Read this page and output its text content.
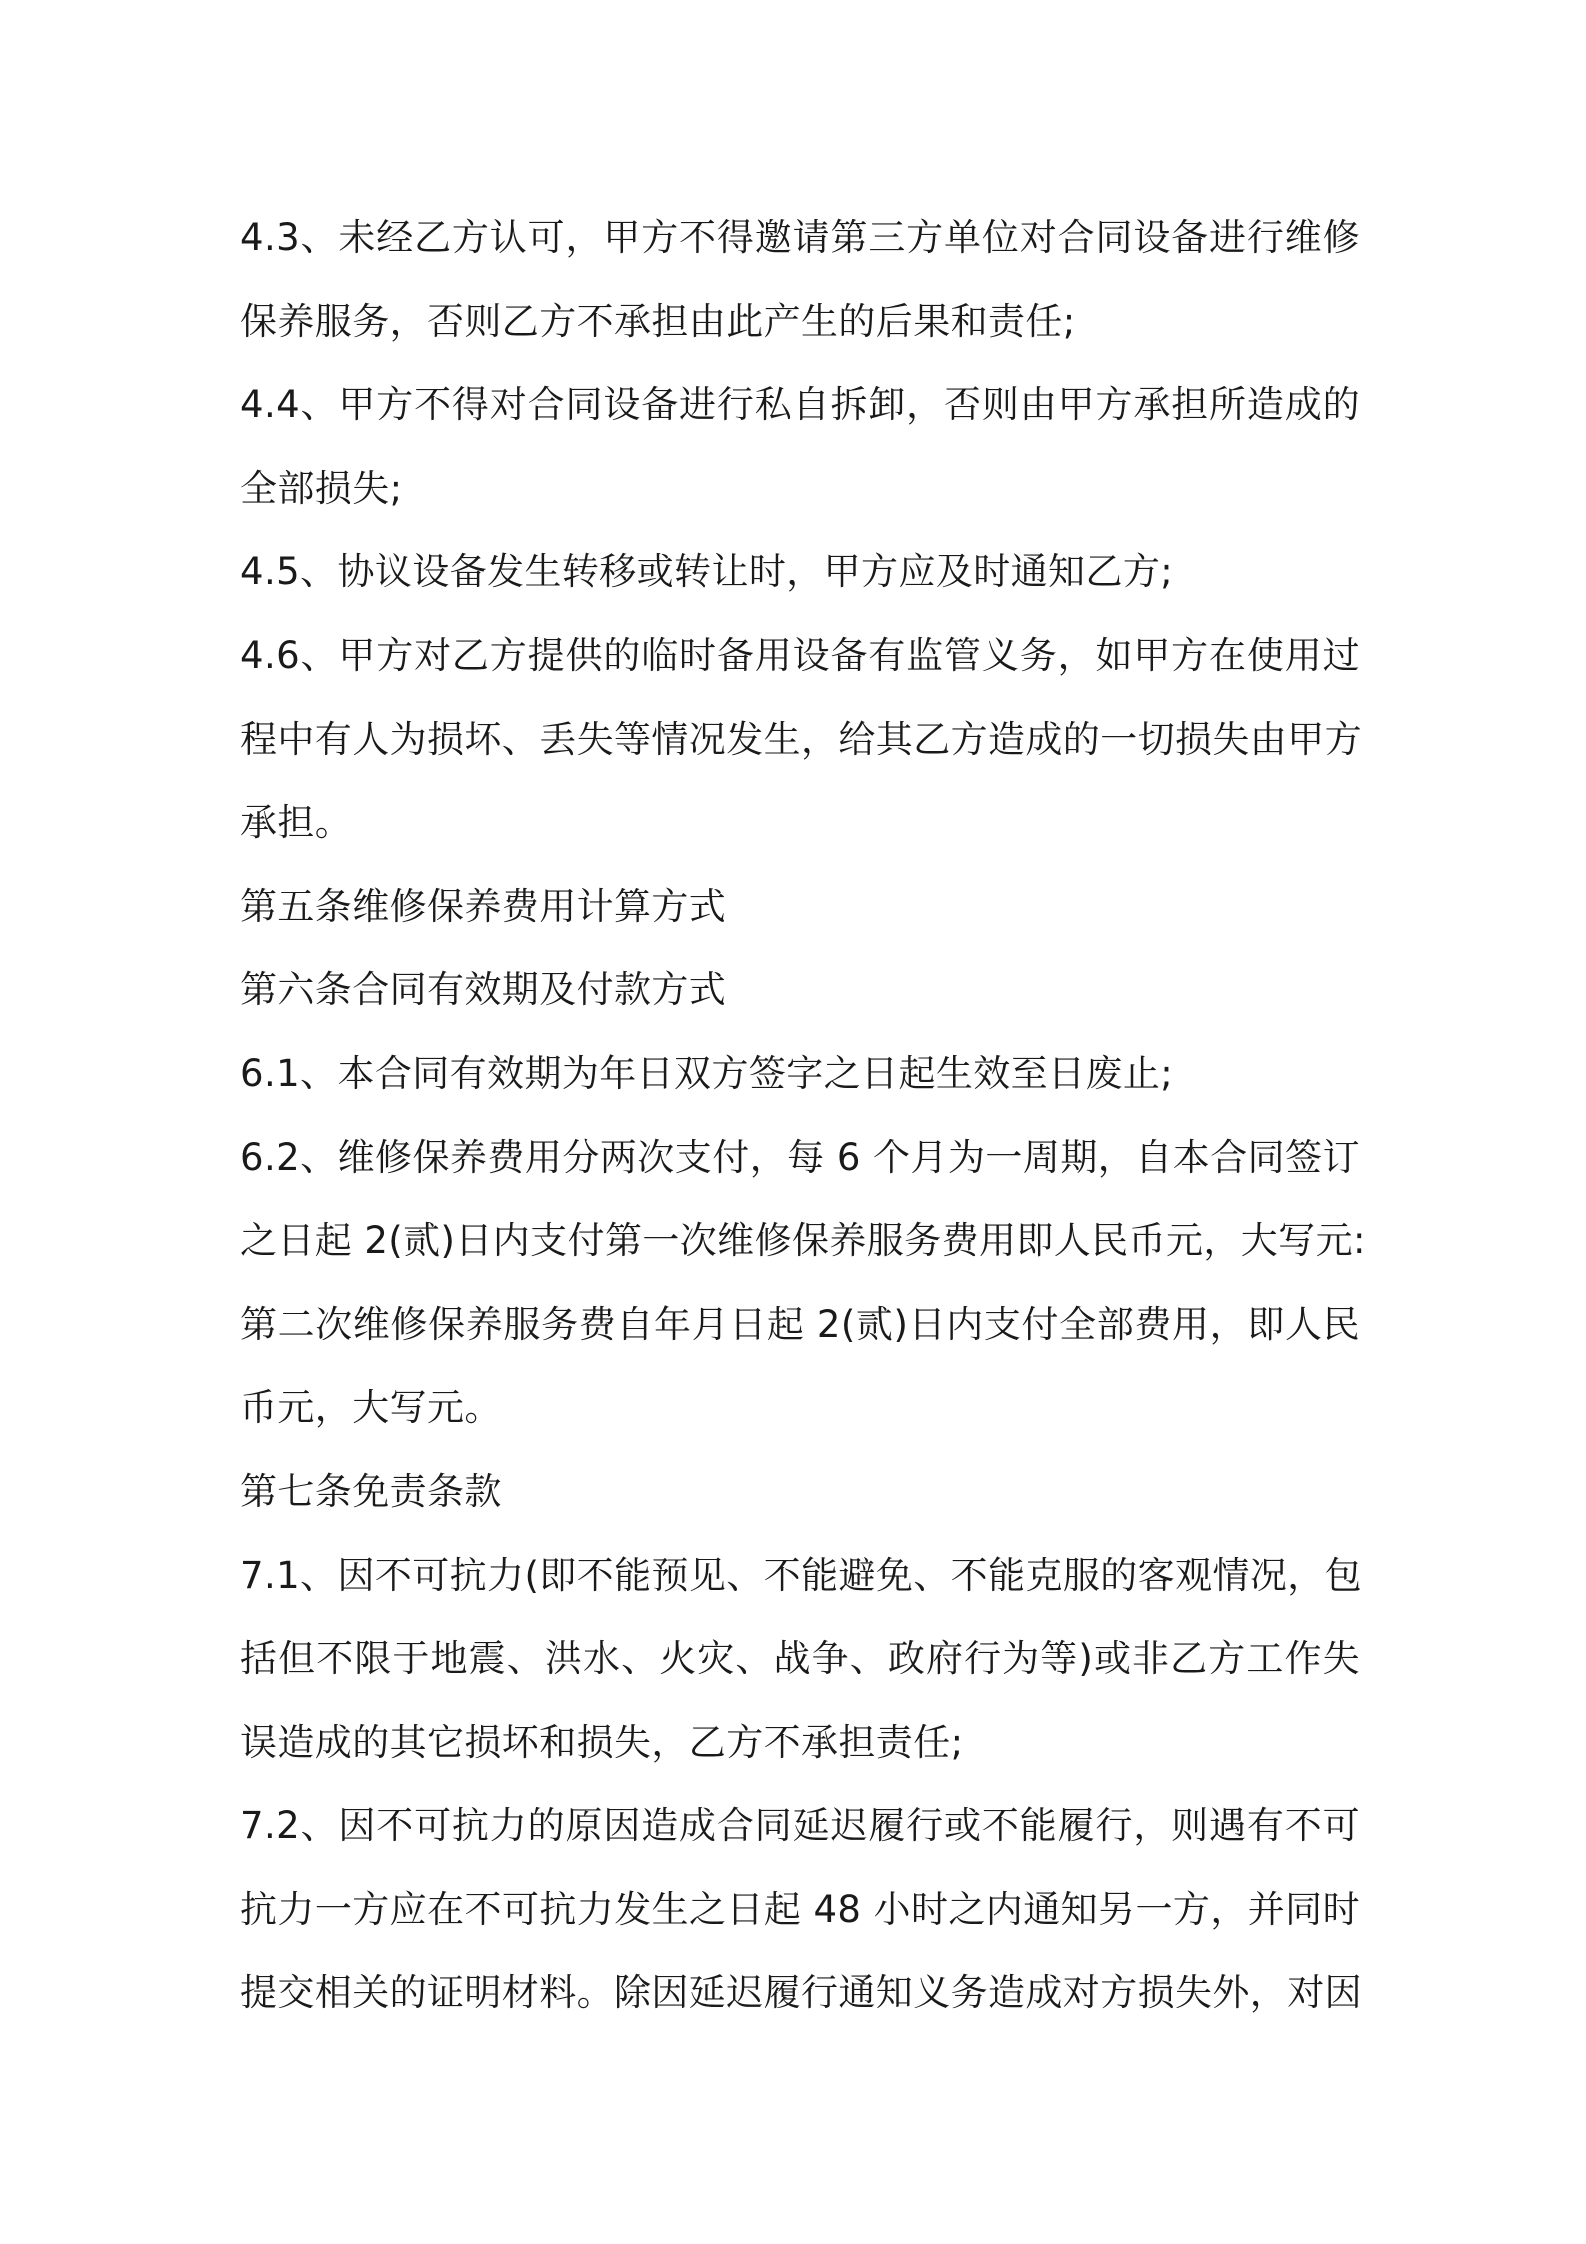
4.3、未经乙方认可，甲方不得邀请第三方单位对合同设备进行维修
保养服务，否则乙方不承担由此产生的后果和责任;
4.4、甲方不得对合同设备进行私自拆卸，否则由甲方承担所造成的
全部损失;
4.5、协议设备发生转移或转让时，甲方应及时通知乙方;
4.6、甲方对乙方提供的临时备用设备有监管义务，如甲方在使用过
程中有人为损坏、丢失等情况发生，给其乙方造成的一切损失由甲方
承担。
第五条维修保养费用计算方式
第六条合同有效期及付款方式
6.1、本合同有效期为年日双方签字之日起生效至日废止;
6.2、维修保养费用分两次支付，每 6 个月为一周期，自本合同签订
之日起 2(贰)日内支付第一次维修保养服务费用即人民币元，大写元:
第二次维修保养服务费自年月日起 2(贰)日内支付全部费用，即人民
币元，大写元。
第七条免责条款
7.1、因不可抗力(即不能预见、不能避免、不能克服的客观情况，包
括但不限于地震、洪水、火灾、战争、政府行为等)或非乙方工作失
误造成的其它损坏和损失，乙方不承担责任;
7.2、因不可抗力的原因造成合同延迟履行或不能履行，则遇有不可
抗力一方应在不可抗力发生之日起 48 小时之内通知另一方，并同时
提交相关的证明材料。除因延迟履行通知义务造成对方损失外，对因
